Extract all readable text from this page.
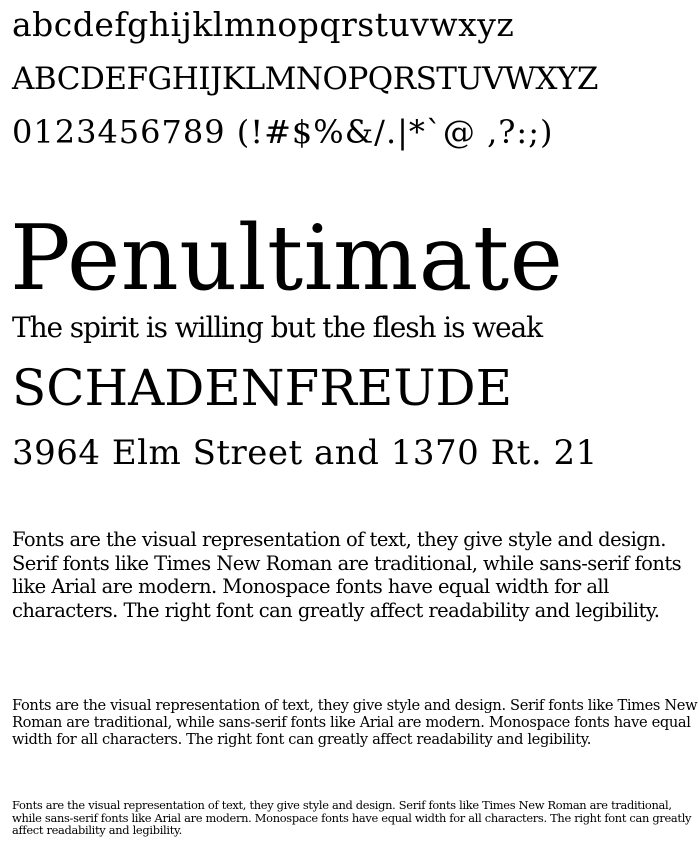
abcdefghijklmnopqrstuvwxyz

ABCDEFGHIJKLMNOPQRSTUVWXYZ

0123456789 (!#$%&/.|*`@ ,?:;)

Penultimate

The spirit is willing but the flesh is weak

SCHADENFREUDE

3964 Elm Street and 1370 Rt. 21

Fonts are the visual representation of text, they give style and design. Serif fonts like Times New Roman are traditional, while sans-serif fonts like Arial are modern. Monospace fonts have equal width for all characters. The right font can greatly affect readability and legibility.

Fonts are the visual representation of text, they give style and design. Serif fonts like Times New Roman are traditional, while sans-serif fonts like Arial are modern. Monospace fonts have equal width for all characters. The right font can greatly affect readability and legibility.

Fonts are the visual representation of text, they give style and design. Serif fonts like Times New Roman are traditional, while sans-serif fonts like Arial are modern. Monospace fonts have equal width for all characters. The right font can greatly affect readability and legibility.
